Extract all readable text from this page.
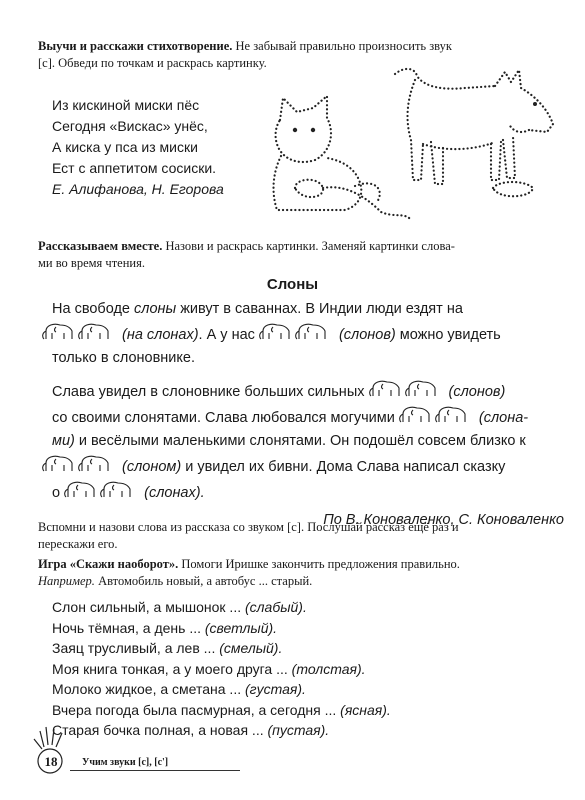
Выучи и расскажи стихотворение. Не забывай правильно произносить звук
[с]. Обведи по точкам и раскрась картинку.
Из кискиной миски пёс
Сегодня «Вискас» унёс,
А киска у пса из миски
Ест с аппетитом сосиски.
Е. Алифанова, Н. Егорова
Рассказываем вместе. Назови и раскрась картинки. Заменяй картинки слова-
ми во время чтения.
Слоны
На свободе слоны живут в саваннах. В Индии люди ездят на
(на слонах). А у нас	(слонов) можно увидеть
только в слоновнике.
Слава увидел в слоновнике больших сильных	(слонов)
со своими слонятами. Слава любовался могучими	(слона-
ми) и весёлыми маленькими слонятами. Он подошёл совсем близко к
(слоном) и увидел их бивни. Дома Слава написал сказку
о	(слонах).
По В. Коноваленко, С. Коноваленко
Вспомни и назови слова из рассказа со звуком [с]. Послушай рассказ ещё раз и
перескажи его.
Игра «Скажи наоборот». Помоги Иришке закончить предложения правильно.
Например. Автомобиль новый, а автобус ... старый.
Слон сильный, а мышонок ... (слабый).
Ночь тёмная, а день ... (светлый).
Заяц трусливый, а лев ... (смелый).
Моя книга тонкая, а у моего друга ... (толстая).
Молоко жидкое, а сметана ... (густая).
Вчера погода была пасмурная, а сегодня ... (ясная).
Старая бочка полная, а новая ... (пустая).
18	Учим звуки [с], [с']
